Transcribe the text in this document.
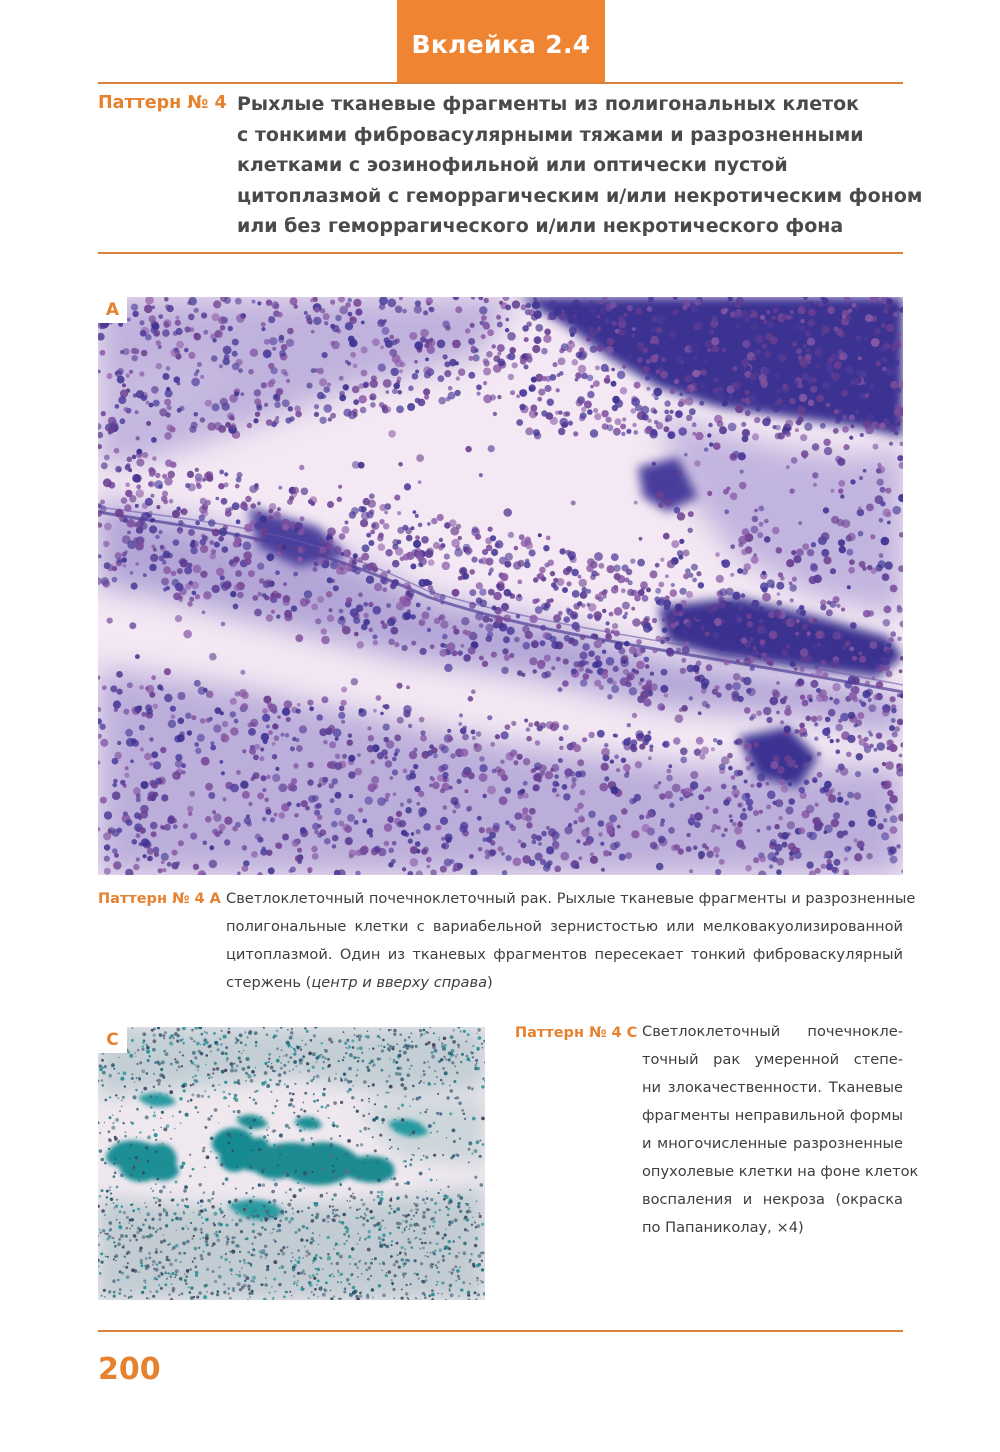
Вклейка 2.4
Паттерн № 4 Рыхлые тканевые фрагменты из полигональных клеток
с тонкими фибровасулярными тяжами и разрозненными
клетками с эозинофильной или оптически пустой
цитоплазмой с геморрагическим и/или некротическим фоном
или без геморрагического и/или некротического фона
A
Паттерн № 4 А Светлоклеточный почечноклеточный рак. Рыхлые тканевые фрагменты и разрозненные
полигональные клетки с вариабельной зернистостью или мелковакуолизированной
цитоплазмой. Один из тканевых фрагментов пересекает тонкий фиброваскулярный
стержень (центр и вверху справа)
C	Паттерн № 4 С Светлоклеточный почечнокле-
точный рак умеренной степе-
ни злокачественности. Тканевые
фрагменты неправильной формы
и многочисленные разрозненные
опухолевые клетки на фоне клеток
воспаления и некроза (окраска
по Папаниколау, ×4)
200
